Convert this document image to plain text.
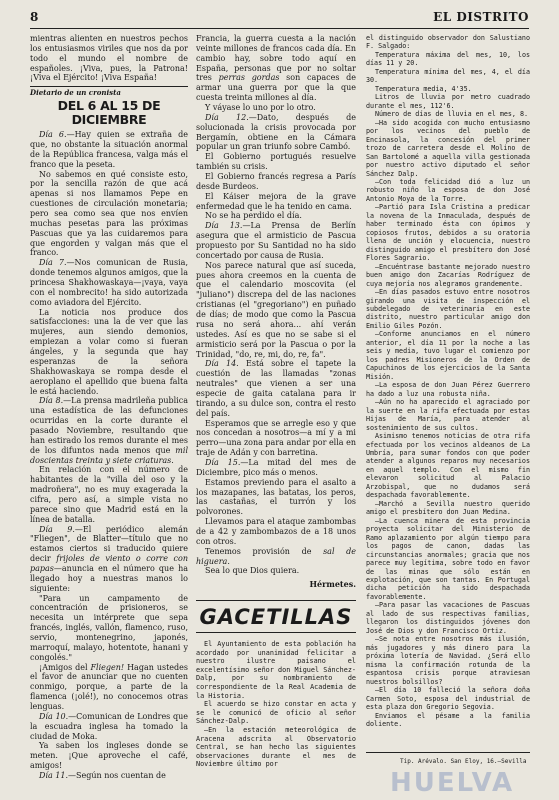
8	EL DISTRITO

mientras alienten en nuestros pechos los entusiasmos viriles que nos da por todo el mundo el nombre de españoles. ¡Viva, pues, la Patrona! ¡Viva el Ejército! ¡Viva España!

Dietario de un cronista

DEL 6 AL 15 DE DICIEMBRE

Día 6.—Hay quien se extraña de que, no obstante la situación anormal de la República francesa, valga más el franco que la peseta.

No sabemos en qué consiste esto, por la sencilla razón de que acá apenas si nos llamamos Pepe en cuestiones de circulación monetaria; pero sea como sea que nos envíen muchas pesetas para las próximas Pascuas que ya las cuidaremos para que engorden y valgan más que el franco.

Día 7.—Nos comunican de Rusia, donde tenemos algunos amigos, que la princesa Shakhowaskaya—¡vaya, vaya con el nombrecito! ha sido autorizada como aviadora del Ejército.

La noticia nos produce dos satisfacciones: una la de ver que las mujeres, aun siendo demonios, empiezan a volar como si fueran ángeles, y la segunda que hay esperanzas de la señora Shakhowaskaya se rompa desde el aeroplano el apellido que buena falta le está haciendo.

Día 8.—La prensa madrileña publica una estadística de las defunciones ocurridas en la corte durante el pasado Noviembre, resultando que han estirado los remos durante el mes de los difuntos nada menos que mil doscientas treinta y siete criaturas.

En relación con el número de habitantes de la "villa del oso y la madroñera", no es muy exagerada la cifra, pero así, a simple vista no parece sino que Madrid está en la línea de batalla.

Día 9.—El periódico alemán "Fliegen", de Blatter—título que no estamos ciertos si traducido quiere decir frijoles de viento o corre con papas—anuncia en el número que ha llegado hoy a nuestras manos lo siguiente:

"Para un campamento de concentración de prisioneros, se necesita un intérprete que sepa francés, inglés, vallón, flamenco, ruso, servio, montenegrino, japonés, marroquí, malayo, hotentote, hanani y congolés."

¡Amigos del Fliegen! Hagan ustedes el favor de anunciar que no cuenten conmigo, porque, a parte de la flamenca (¡olé!), no conocemos otras lenguas.

Día 10.—Comunican de Londres que la escuadra inglesa ha tomado la ciudad de Moka.

Ya saben los ingleses donde se meten. ¡Que aproveche el café, amigos!

Día 11.—Según nos cuentan de

Francia, la guerra cuesta a la nación veinte millones de francos cada día. En cambio hay, sobre todo aquí en España, personas que por no soltar tres perras gordas son capaces de armar una guerra por que la que cuesta treinta millones al día.

Y váyase lo uno por lo otro.

Día 12.—Dato, después de solucionada la crisis provocada por Bergamín, obtiene en la Cámara popular un gran triunfo sobre Cambó.

El Gobierno portugués resuelve también su crisis.

El Gobierno francés regresa a París desde Burdeos.

El Káiser mejora de la grave enfermedad que le ha tenido en cama.

No se ha perdido el día.

Día 13.—La Prensa de Berlín asegura que el armisticio de Pascua propuesto por Su Santidad no ha sido concertado por causa de Rusia.

Nos parece natural que así suceda, pues ahora creemos en la cuenta de que el calendario moscovita (el "juliano") discrepa del de las naciones cristianas (el "gregoriano") en puñado de días; de modo que como la Pascua rusa no será ahora... ahí verán ustedes. Así es que no se sabe si el armisticio será por la Pascua o por la Trinidad, "do, re, mi, do, re, fa".

Día 14. Está sobre el tapete la cuestión de las llamadas "zonas neutrales" que vienen a ser una especie de gaita catalana para ir tirando, a su dulce son, contra el resto del país.

Esperamos que se arregle eso y que nos concedan a nosotros—a mí y a mi perro—una zona para andar por ella en traje de Adán y con barretina.

Día 15.—La mitad del mes de Diciembre, pico más o menos.

Estamos previendo para el asalto a los mazapanes, las batatas, los peros, las castañas, el turrón y los polvorones.

Llevamos para el ataque zambombas de a 42 y zambombazos de a 18 unos con otros.

Tenemos provisión de sal de higuera.

Sea lo que Dios quiera.

Hérmetes.

GACETILLAS

El Ayuntamiento de esta población ha acordado por unanimidad felicitar a nuestro ilustre paisano el excelentísimo señor don Miguel Sánchez-Dalp, por su nombramiento de correspondiente de la Real Academia de la Historia.

El acuerdo se hizo constar en acta y se le comunicó de oficio al señor Sánchez-Dalp.

—En la estación meteorológica de Aracena adscrita al Observatorio Central, se han hecho las siguientes observaciones durante el mes de Noviembre último por

el distinguido observador don Salustiano F. Salgado:

Temperatura máxima del mes, 10, los días 11 y 20.

Temperatura mínima del mes, 4, el día 30.

Temperatura media, 4'35.

Litros de lluvia por metro cuadrado durante el mes, 112'6.

Número de días de lluvia en el mes, 8.

—Ha sido acogida con mucho entusiasmo por los vecinos del pueblo de Encinasola, la concesión del primer trozo de carretera desde el Molino de San Bartolomé a aquella villa gestionada por nuestro activo diputado el señor Sánchez Dalp.

—Con toda felicidad dió a luz un robusto niño la esposa de don José Antonio Moya de la Torre.

—Partió para Isla Cristina a predicar la novena de la Inmaculada, después de haber terminado ésta con ópimos y copiosos frutos, debidos a su oratoria llena de unción y elocuencia, nuestro distinguido amigo el presbítero don José Flores Sagrario.

—Encuéntrase bastante mejorado nuestro buen amigo don Zacarías Rodríguez de cuya mejoría nos alegramos grandemente.

—En días pasados estuvo entre nosotros girando una visita de inspección el subdelegado de veterinaria en este distrito, nuestro particular amigo don Emilio Giles Pozón.

—Conforme anunciamos en el número anterior, el día 11 por la noche a las seis y media, tuvo lugar el comienzo por los padres Misioneros de la Orden de Capuchinos de los ejercicios de la Santa Misión.

—La esposa de don Juan Pérez Guerrero ha dado a luz una robusta niña.

—Aún no ha aparecido el agraciado por la suerte en la rifa efectuada por estas Hijas de María, para atender al sostenimiento de sus cultos.

Asimismo tenemos noticias de otra rifa efectuada por los vecinos aldeanos de La Umbría, para sumar fondos con que poder atender a algunos reparos muy necesarios en aquel templo. Con el mismo fin elevaron solicitud al Palacio Arzobispal, que no dudamos será despachada favorablemente.

—Marchó a Sevilla nuestro querido amigo el presbítero don Juan Medina.

—La cuenca minera de esta provincia proyecta solicitar del Ministerio de Ramo aplazamiento por algún tiempo para los pagos de canon, dadas las circunstancias anormales; gracia que nos parece muy legítima, sobre todo en favor de las minas que sólo están en explotación, que son tantas. En Portugal dicha petición ha sido despachada favorablemente.

—Para pasar las vacaciones de Pascuas al lado de sus respectivas familias, llegaron los distinguidos jóvenes don José de Dios y don Francisco Ortiz.

—Se nota entre nosotros más ilusión, más jugadores y más dinero para la próxima lotería de Navidad. ¿Será ello misma la confirmación rotunda de la espantosa crisis porque atraviesan nuestros bolsillos?

—El día 10 falleció la señora doña Carmen Soto, esposa del industrial de esta plaza don Gregorio Segovia.

Enviamos el pésame a la familia doliente.

Tip. Arévalo. San Eloy, 16.—Sevilla
HUELVA
